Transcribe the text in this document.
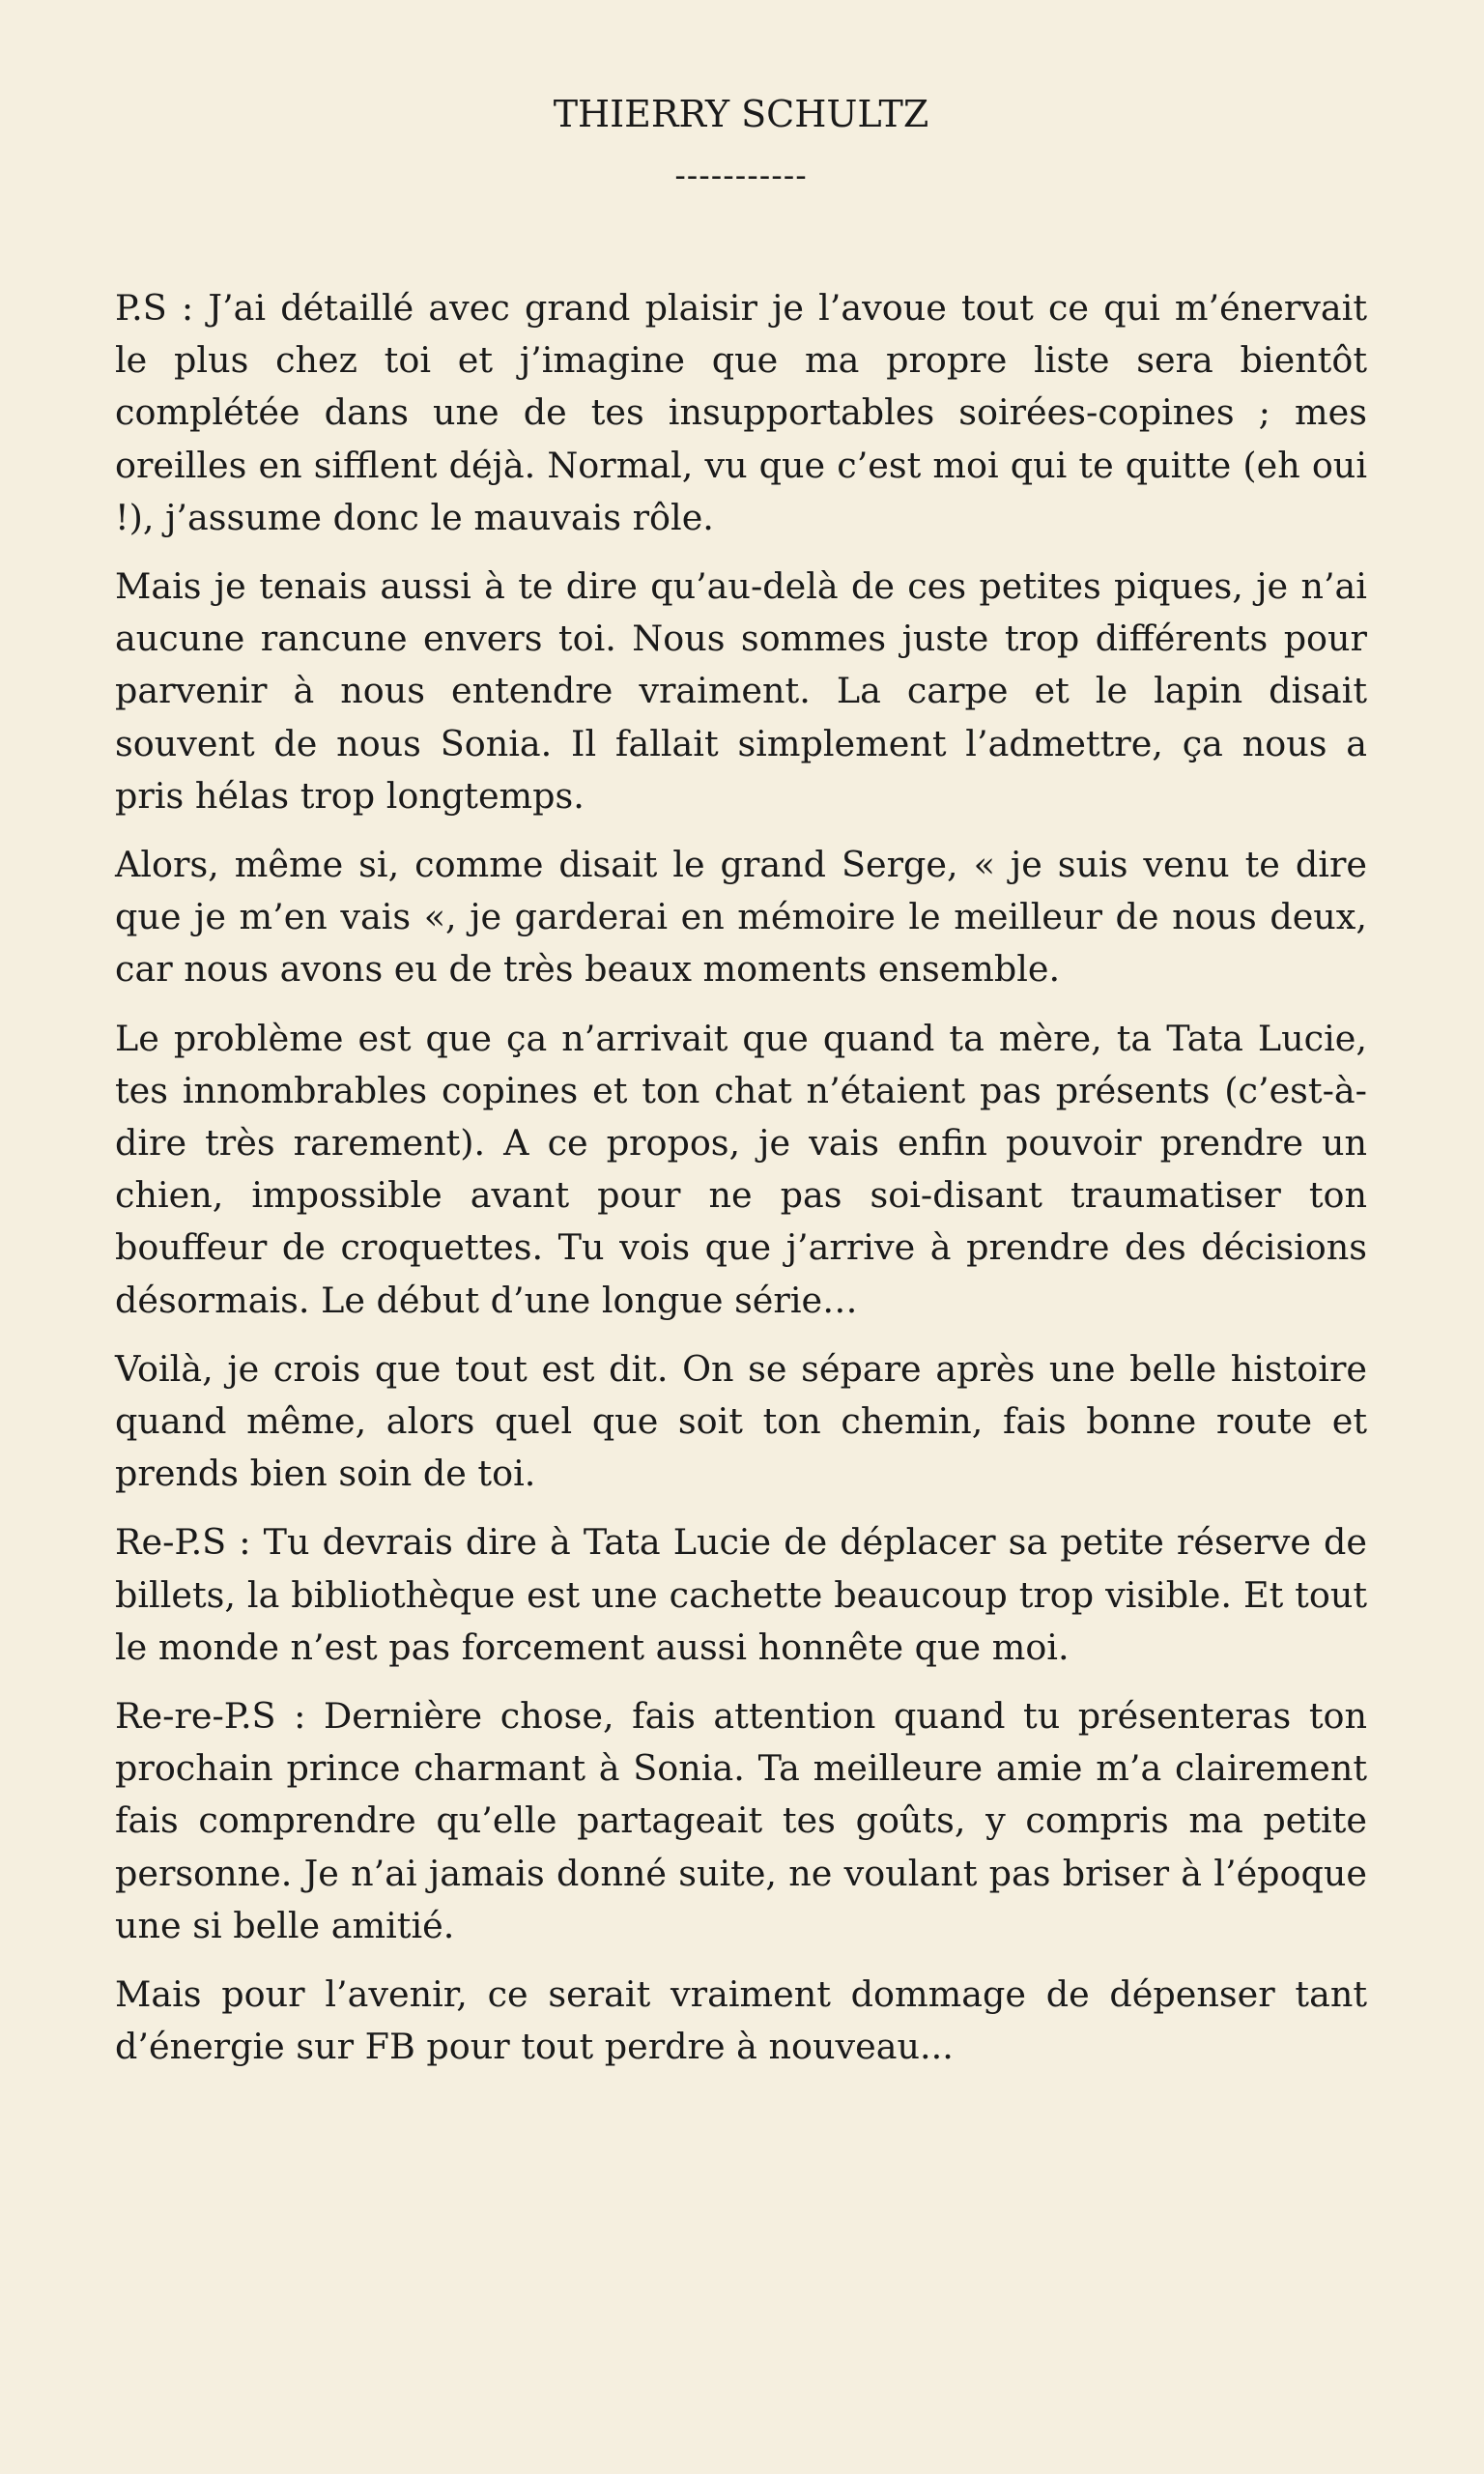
THIERRY SCHULTZ
-----------

P.S : J’ai détaillé avec grand plaisir je l’avoue tout ce qui m’énervait le plus chez toi et j’imagine que ma propre liste sera bientôt complétée dans une de tes insupportables soirées-copines ; mes oreilles en sifflent déjà. Normal, vu que c’est moi qui te quitte (eh oui !), j’assume donc le mauvais rôle.

Mais je tenais aussi à te dire qu’au-delà de ces petites piques, je n’ai aucune rancune envers toi. Nous sommes juste trop différents pour parvenir à nous entendre vraiment. La carpe et le lapin disait souvent de nous Sonia. Il fallait simplement l’admettre, ça nous a pris hélas trop longtemps.

Alors, même si, comme disait le grand Serge, « je suis venu te dire que je m’en vais «, je garderai en mémoire le meilleur de nous deux, car nous avons eu de très beaux moments ensemble.

Le problème est que ça n’arrivait que quand ta mère, ta Tata Lucie, tes innombrables copines et ton chat n’étaient pas présents (c’est-à-dire très rarement). A ce propos, je vais enfin pouvoir prendre un chien, impossible avant pour ne pas soi-disant traumatiser ton bouffeur de croquettes. Tu vois que j’arrive à prendre des décisions désormais. Le début d’une longue série…

Voilà, je crois que tout est dit. On se sépare après une belle histoire quand même, alors quel que soit ton chemin, fais bonne route et prends bien soin de toi.

Re-P.S : Tu devrais dire à Tata Lucie de déplacer sa petite réserve de billets, la bibliothèque est une cachette beaucoup trop visible. Et tout le monde n’est pas forcement aussi honnête que moi.

Re-re-P.S : Dernière chose, fais attention quand tu présenteras ton prochain prince charmant à Sonia. Ta meilleure amie m’a clairement fais comprendre qu’elle partageait tes goûts, y compris ma petite personne. Je n’ai jamais donné suite, ne voulant pas briser à l’époque une si belle amitié.

Mais pour l’avenir, ce serait vraiment dommage de dépenser tant d’énergie sur FB pour tout perdre à nouveau...
